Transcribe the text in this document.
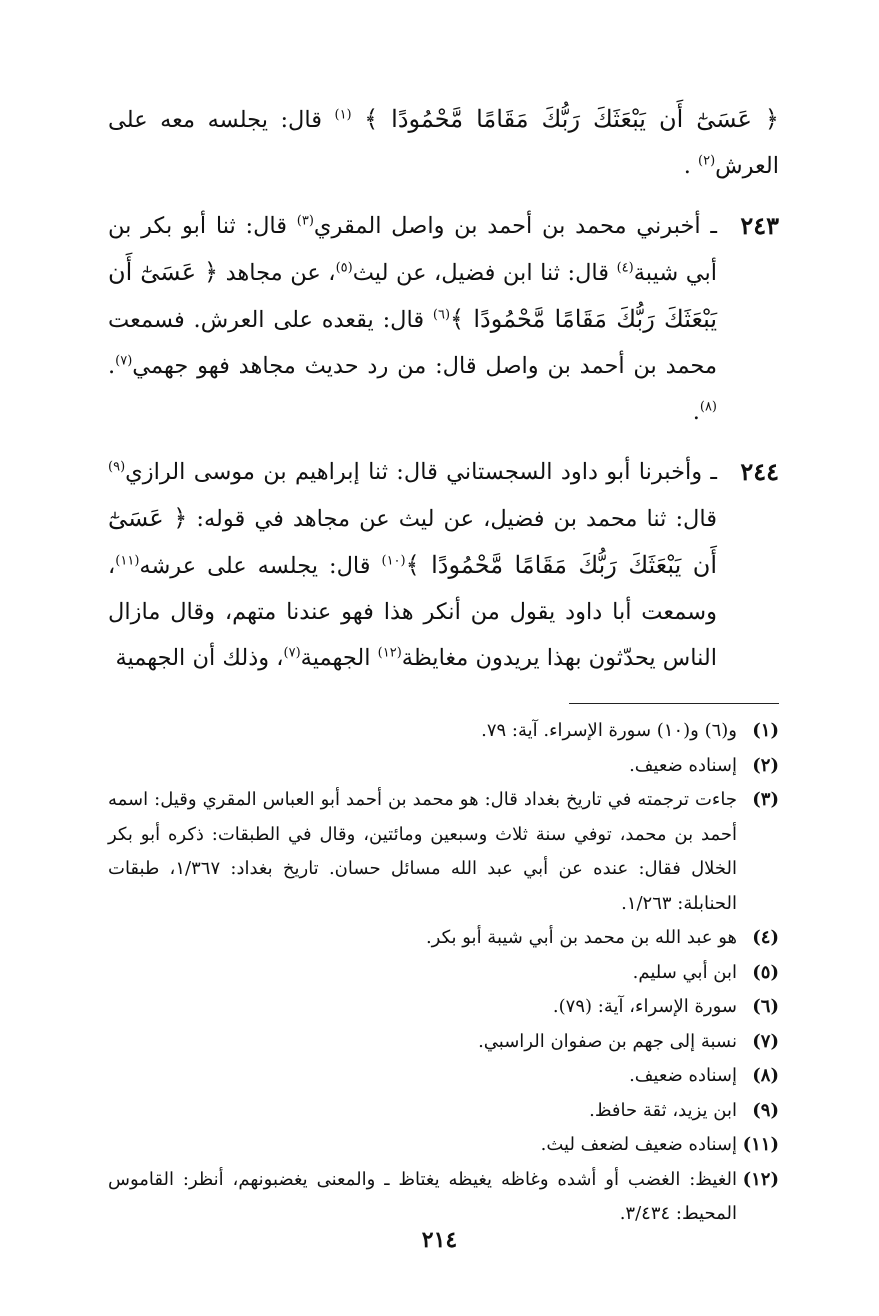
﴿ عَسَىٰٓ أَن يَبْعَثَكَ رَبُّكَ مَقَامًا مَّحْمُودًا ﴾ $^{(١)}$ قال: يجلسه معه على العرش$^{(٢)}$ .

٢٤٣
ـ أخبرني محمد بن أحمد بن واصل المقري$^{(٣)}$ قال: ثنا أبو بكر بن أبي شيبة$^{(٤)}$ قال: ثنا ابن فضيل، عن ليث$^{(٥)}$، عن مجاهد ﴿ عَسَىٰٓ أَن يَبْعَثَكَ رَبُّكَ مَقَامًا مَّحْمُودًا ﴾$^{(٦)}$ قال: يقعده على العرش. فسمعت محمد بن أحمد بن واصل قال: من رد حديث مجاهد فهو جهمي$^{(٧)}$. $^{(٨)}$.
٢٤٤
ـ وأخبرنا أبو داود السجستاني قال: ثنا إبراهيم بن موسى الرازي$^{(٩)}$ قال: ثنا محمد بن فضيل، عن ليث عن مجاهد في قوله: ﴿ عَسَىٰٓ أَن يَبْعَثَكَ رَبُّكَ مَقَامًا مَّحْمُودًا ﴾$^{(١٠)}$ قال: يجلسه على عرشه$^{(١١)}$، وسمعت أبا داود يقول من أنكر هذا فهو عندنا متهم، وقال مازال الناس يحدّثون بهذا يريدون مغايظة$^{(١٢)}$ الجهمية$^{(٧)}$، وذلك أن الجهمية
(١)
و(٦) و(١٠) سورة الإسراء. آية: ٧٩.
(٢)
إسناده ضعيف.
(٣)
جاءت ترجمته في تاريخ بغداد قال: هو محمد بن أحمد أبو العباس المقري وقيل: اسمه أحمد بن محمد، توفي سنة ثلاث وسبعين ومائتين، وقال في الطبقات: ذكره أبو بكر الخلال فقال: عنده عن أبي عبد الله مسائل حسان. تاريخ بغداد: ١/٣٦٧، طبقات الحنابلة: ١/٢٦٣.
(٤)
هو عبد الله بن محمد بن أبي شيبة أبو بكر.
(٥)
ابن أبي سليم.
(٦)
سورة الإسراء، آية: (٧٩).
(٧)
نسبة إلى جهم بن صفوان الراسبي.
(٨)
إسناده ضعيف.
(٩)
ابن يزيد، ثقة حافظ.
(١١)
إسناده ضعيف لضعف ليث.
(١٢)
الغيظ: الغضب أو أشده وغاظه يغيظه يغتاظ ـ والمعنى يغضبونهم، أنظر: القاموس المحيط: ٣/٤٣٤.
٢١٤
